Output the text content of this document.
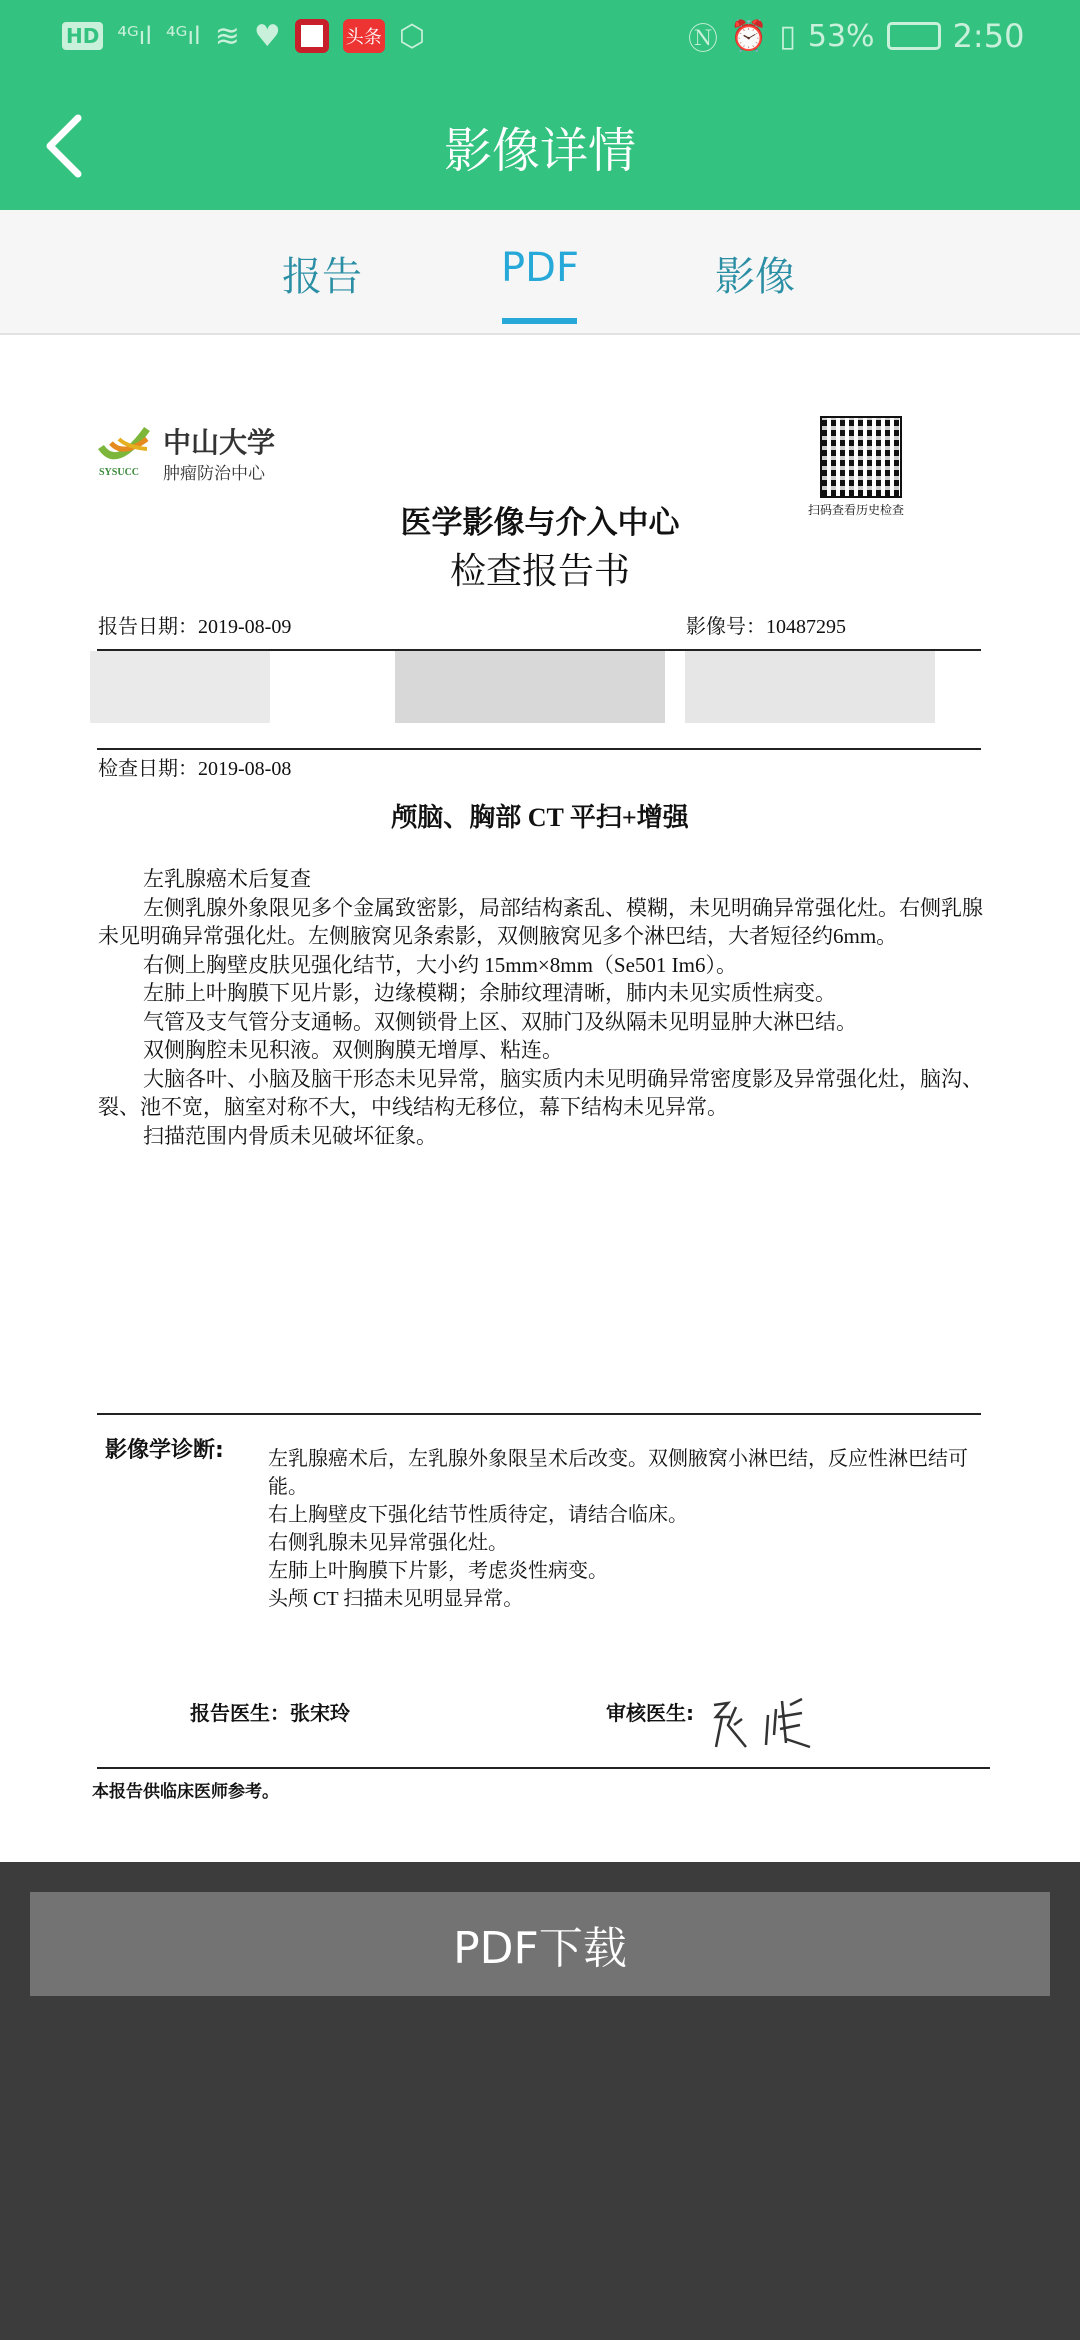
HD ⁴ᴳıl ⁴ᴳıl ≋ ♥	头条 ⬡	Ⓝ ⏰ ▯ 53% 2:50
影像详情
报告	PDF	影像
SYSUCC
中山大学
肿瘤防治中心
扫码查看历史检查
医学影像与介入中心
检查报告书
报告日期：2019-08-09	影像号：10487295
检查日期：2019-08-08
颅脑、胸部 CT 平扫+增强

左乳腺癌术后复查

左侧乳腺外象限见多个金属致密影，局部结构紊乱、模糊，未见明确异常强化灶。右侧乳腺未见明确异常强化灶。左侧腋窝见条索影，双侧腋窝见多个淋巴结，大者短径约6mm。

右侧上胸壁皮肤见强化结节，大小约 15mm×8mm（Se501 Im6）。

左肺上叶胸膜下见片影，边缘模糊；余肺纹理清晰，肺内未见实质性病变。

气管及支气管分支通畅。双侧锁骨上区、双肺门及纵隔未见明显肿大淋巴结。

双侧胸腔未见积液。双侧胸膜无增厚、粘连。

大脑各叶、小脑及脑干形态未见异常，脑实质内未见明确异常密度影及异常强化灶，脑沟、裂、池不宽，脑室对称不大，中线结构无移位，幕下结构未见异常。

扫描范围内骨质未见破坏征象。

影像学诊断: 左乳腺癌术后，左乳腺外象限呈术后改变。双侧腋窝小淋巴结，反应性淋巴结可能。
右上胸壁皮下强化结节性质待定，请结合临床。
右侧乳腺未见异常强化灶。
左肺上叶胸膜下片影，考虑炎性病变。
头颅 CT 扫描未见明显异常。
报告医生：张宋玲	审核医生:
本报告供临床医师参考。
PDF下载
